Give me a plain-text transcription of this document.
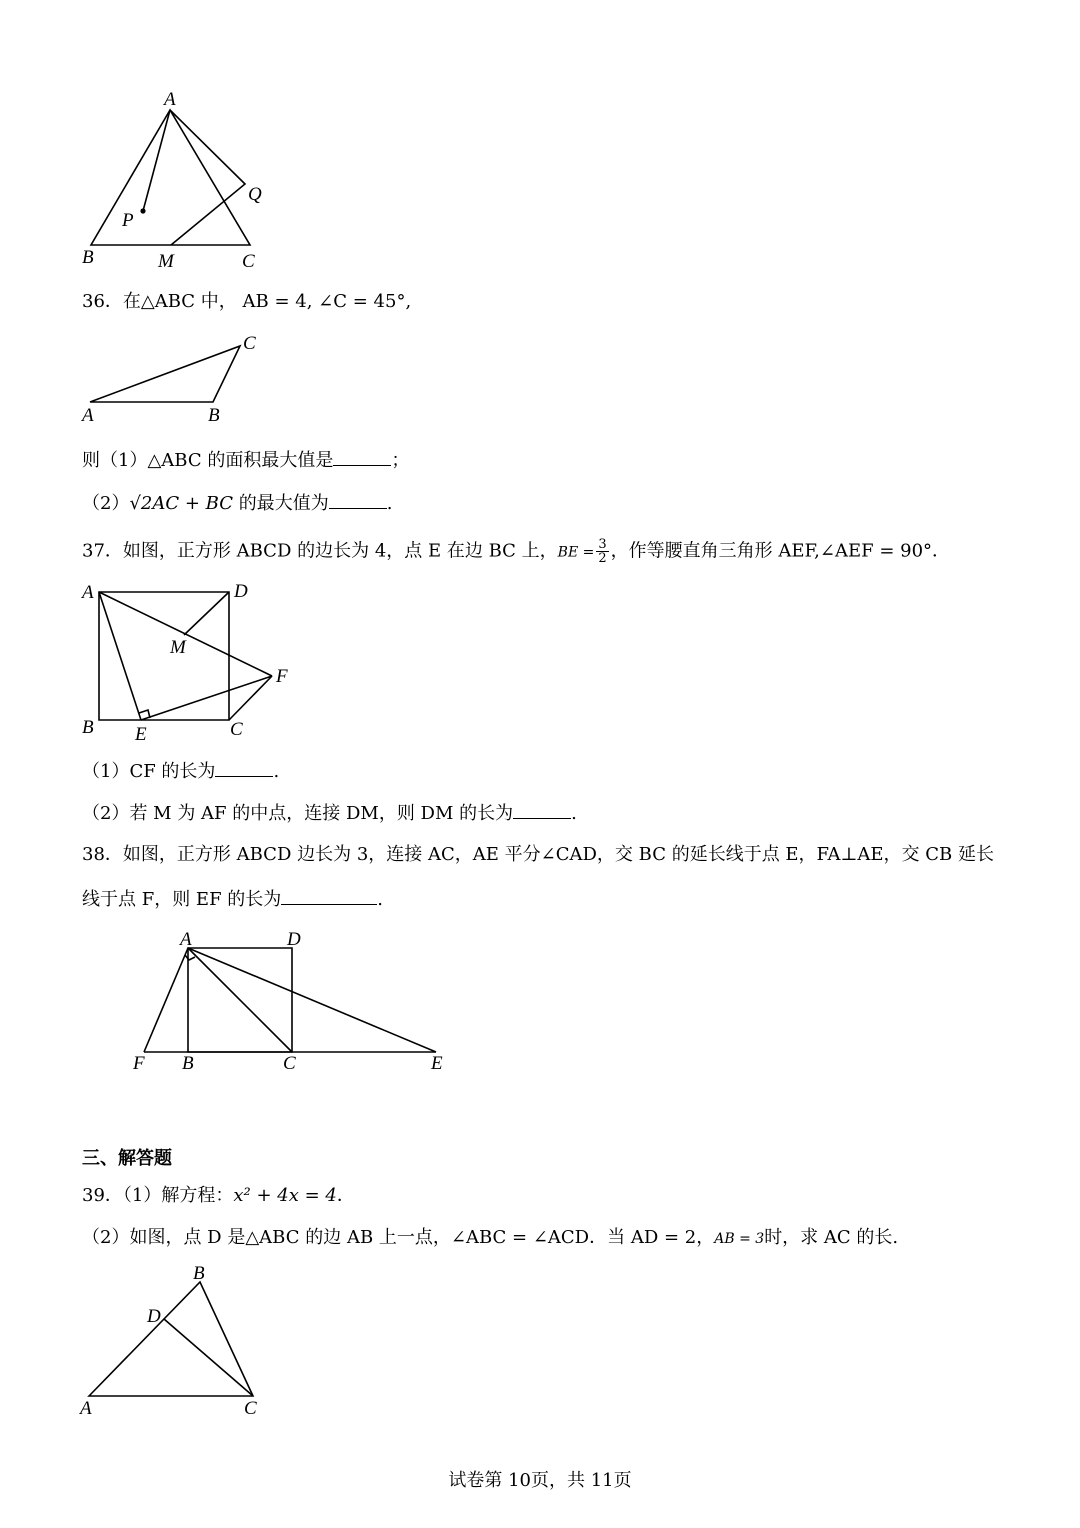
A
Q
P
B	M	C
36．在△ABC 中， AB = 4, ∠C = 45°,
C
A	B
则（1）△ABC 的面积最大值是	；
（2）√2AC + BC 的最大值为	.
37．如图，正方形 ABCD 的边长为 4，点 E 在边 BC 上，BE = $\frac{3}{2}$ ，作等腰直角三角形 AEF,∠AEF = 90°．
A	D
M
F
B E	C
（1）CF 的长为	.
（2）若 M 为 AF 的中点，连接 DM，则 DM 的长为	.
38．如图，正方形 ABCD 边长为 3，连接 AC，AE 平分∠CAD，交 BC 的延长线于点 E，FA⊥AE，交 CB 延长
线于点 F，则 EF 的长为	.
A	D
F B	C	E
三、解答题
39．（1）解方程：x² + 4x = 4．
（2）如图，点 D 是△ABC 的边 AB 上一点，∠ABC = ∠ACD．当 AD = 2，AB = 3时，求 AC 的长.
B
D
A	C
试卷第 10页，共 11页
